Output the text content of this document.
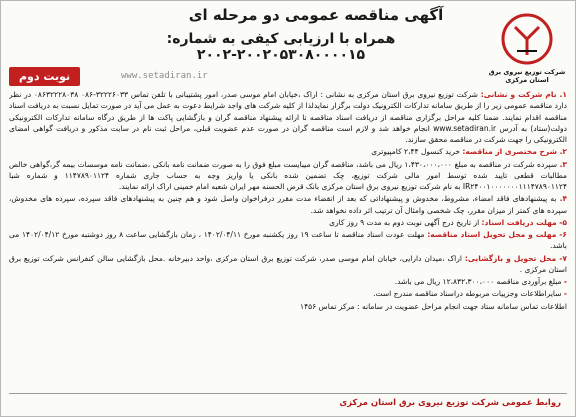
آگهی مناقصه عمومی دو مرحله ای
همراه با ارزیابی کیفی به شماره: ۲۰۰۲۰۵۳۰۸۰۰۰۰۱۵-۲۰۰۲
شرکت توزیع نیروی برق استان مرکزی
نوبت دوم	www.setadiran.ir

۱. نام شرکت و نشانی: شرکت توزیع نیروی برق استان مرکزی به نشانی : اراک ،خیابان امام موسی صدر، امور پشتیبانی با تلفن تماس ۳۲۲۲۶۰۳۳-۰۸۶ ۰۸۶۳۲۲۲۸۰۳۸ در نظر دارد مناقصه عمومی زیر را از طریق سامانه تدارکات الکترونیک دولت برگزار نمایدلذا از کلیه شرکت های واجد شرایط دعوت به عمل می آید در صورت تمایل نسبت به دریافت اسناد مناقصه اقدام نمایند. ضمنا کلیه مراحل برگزاری مناقصه از دریافت اسناد مناقصه تا ارائه پیشنهاد مناقصه گران و بازگشایی پاکت ها از طریق درگاه سامانه تدارکات الکترونیکی دولت(ستاد) به آدرس www.setadiran.ir انجام خواهد شد و لازم است مناقصه گران در صورت عدم عضویت قبلی، مراحل ثبت نام در سایت مذکور و دریافت گواهی امضای الکترونیکی را جهت شرکت در مناقصه محقق سازند.

۲. شرح مختصری از مناقصه: خرید کنسول ۲،۴۴ کامپیوتری

۳. سپرده شرکت در مناقصه به مبلغ ۱،۴۳۰،۰۰۰،۰۰۰ ریال می باشد، مناقصه گران میبایست مبلغ فوق را به صورت ضمانت نامه بانکی ،ضمانت نامه موسسات بیمه گر،گواهی خالص مطالبات قطعی تایید شده توسط امور مالی شرکت توزیع، چک تضمین شده بانکی یا واریز وجه به حساب جاری شماره ۱۱۴۷۸۹۰۱۱۲۴ و شماره شبا IR۲۴۰۰۱۰۰۰۰۰۰۰۱۱۱۴۷۸۹۰۱۱۲۴ به نام شرکت توزیع نیروی برق استان مرکزی بانک قرض الحسنه مهر ایران شعبه امام خمینی اراک ارائه نمایند.

۴. به پیشنهادهای فاقد امضاء، مشروط، مخدوش و پیشنهاداتی که بعد از انقضاء مدت مقرر درفراخوان واصل شود و هم چنین به پیشنهادهای فاقد سپرده، سپرده های مخدوش، سپرده های کمتر از میزان مقرر، چک شخصی وامثال آن ترتیب اثر داده نخواهد شد.

۵- مهلت دریافت اسناد: از تاریخ درج آگهی نوبت دوم به مدت ۹ روز کاری

۶- مهلت و محل تحویل اسناد مناقصه: مهلت عودت اسناد مناقصه تا ساعت ۱۹ روز یکشنبه مورخ ۱۴۰۲/۰۴/۱۱ ، زمان بازگشایی ساعت ۸ روز دوشنبه مورخ ۱۴۰۲/۰۴/۱۲ می باشد.

۷- محل تحویل و بازگشایی: اراک ،میدان دارایی، خیابان امام موسی صدر، شرکت توزیع برق استان مرکزی ،واحد دبیرخانه .محل بازگشایی سالن کنفرانس شرکت توزیع برق استان مرکزی .

- مبلغ برآوردی مناقصه ۱۲،۸۳۲،۳۰۰،۰۰۰ ریال می باشد.

- سایراطلاعات وجزییات مربوطه دراسناد مناقصه مندرج است.

اطلاعات تماس سامانه ستاد جهت انجام مراحل عضویت در سامانه : مرکز تماس ۱۴۵۶

روابط عمومی شرکت توزیع نیروی برق استان مرکزی
